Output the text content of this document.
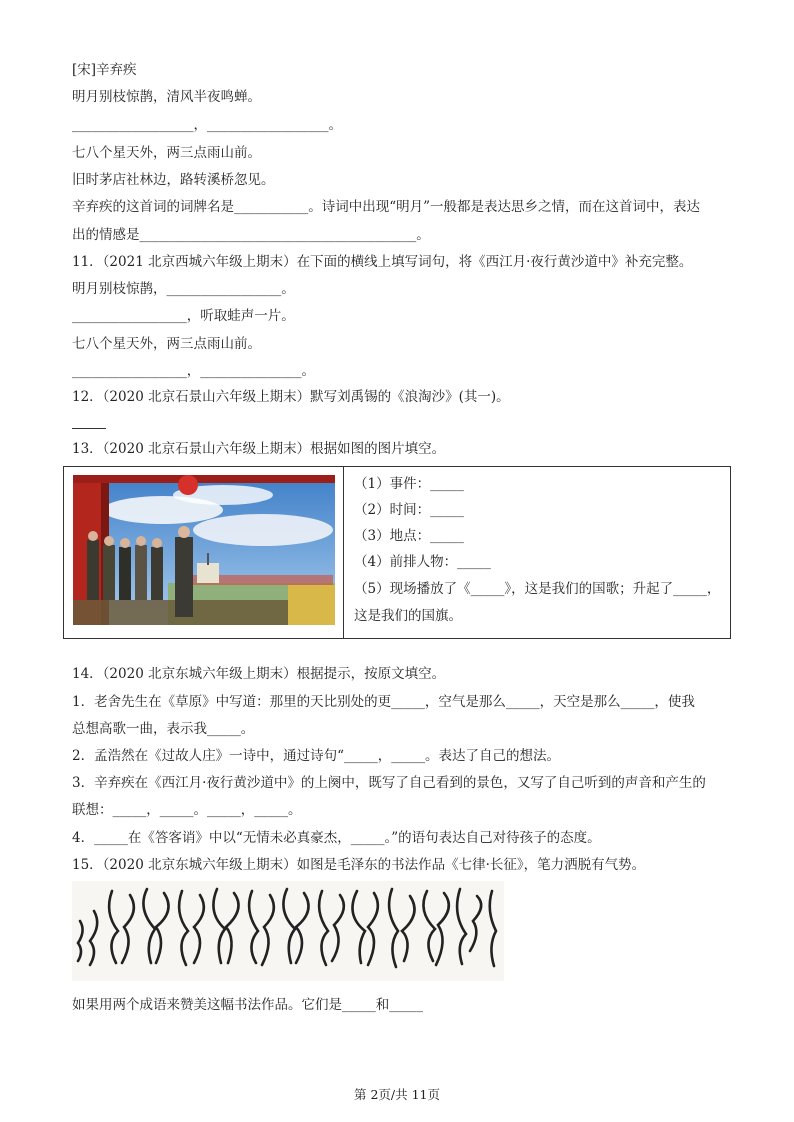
[宋]辛弃疾
明月别枝惊鹊，清风半夜鸣蝉。
__________________，__________________。
七八个星天外，两三点雨山前。
旧时茅店社林边，路转溪桥忽见。
辛弃疾的这首词的词牌名是___________。诗词中出现“明月”一般都是表达思乡之情，而在这首词中，表达
出的情感是_________________________________________。
11．（2021 北京西城六年级上期末）在下面的横线上填写词句，将《西江月·夜行黄沙道中》补充完整。
明月别枝惊鹊，_________________。
_________________，听取蛙声一片。
七八个星天外，两三点雨山前。
_________________，_______________。
12．（2020 北京石景山六年级上期末）默写刘禹锡的《浪淘沙》(其一)。
13．（2020 北京石景山六年级上期末）根据如图的图片填空。
（1）事件：_____
（2）时间：_____
（3）地点：_____
（4）前排人物：_____
（5）现场播放了《_____》，这是我们的国歌；升起了_____，
这是我们的国旗。
14．（2020 北京东城六年级上期末）根据提示，按原文填空。
1．老舍先生在《草原》中写道：那里的天比别处的更_____，空气是那么_____，天空是那么_____，使我
总想高歌一曲，表示我_____。
2．孟浩然在《过故人庄》一诗中，通过诗句“_____，_____。表达了自己的想法。
3．辛弃疾在《西江月·夜行黄沙道中》的上阕中，既写了自己看到的景色，又写了自己听到的声音和产生的
联想：_____，_____。_____，_____。
4．_____在《答客诮》中以“无情未必真豪杰，_____。”的语句表达自己对待孩子的态度。
15．（2020 北京东城六年级上期末）如图是毛泽东的书法作品《七律·长征》，笔力洒脱有气势。
如果用两个成语来赞美这幅书法作品。它们是_____和_____
第 2页/共 11页
